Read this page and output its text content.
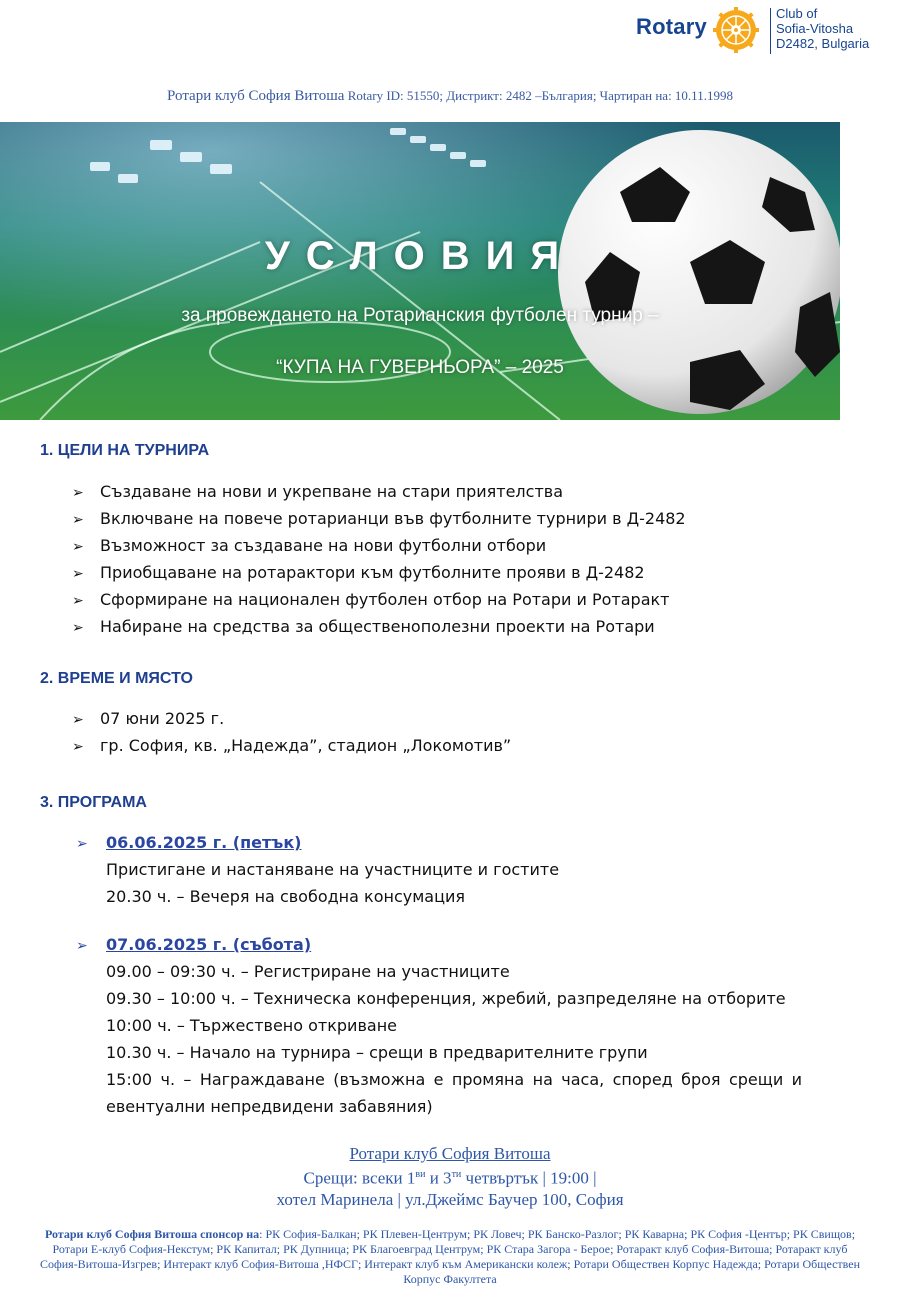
Rotary
Club of
Sofia-Vitosha
D2482, Bulgaria
Ротари клуб София Витоша Rotary ID: 51550; Дистрикт: 2482 –България; Чартиран на: 10.11.1998
УСЛОВИЯ
за провеждането на Ротарианския футболен турнир –
“КУПА НА ГУВЕРНЬОРА” – 2025
1. ЦЕЛИ НА ТУРНИРА
➢ Създаване на нови и укрепване на стари приятелства
➢ Включване на повече ротарианци във футболните турнири в Д-2482
➢ Възможност за създаване на нови футболни отбори
➢ Приобщаване на ротарактори към футболните прояви в Д-2482
➢ Сформиране на национален футболен отбор на Ротари и Ротаракт
➢ Набиране на средства за общественополезни проекти на Ротари
2. ВРЕМЕ И МЯСТО
➢ 07 юни 2025 г.
➢ гр. София, кв. „Надежда”, стадион „Локомотив”
3. ПРОГРАМА
➢ 06.06.2025 г. (петък)
Пристигане и настаняване на участниците и гостите
20.30 ч. – Вечеря на свободна консумация
➢ 07.06.2025 г. (събота)
09.00 – 09:30 ч. – Регистриране на участниците
09.30 – 10:00 ч. – Техническа конференция, жребий, разпределяне на отборите
10:00 ч. – Тържествено откриване
10.30 ч. – Начало на турнира – срещи в предварителните групи
15:00 ч. – Награждаване (възможна е промяна на часа, според броя срещи и евентуални непредвидени забавяния)
Ротари клуб София Витоша
Срещи: всеки $1^{ви}$ и $3^{ти}$ четвъртък | 19:00 |
хотел Маринела | ул.Джеймс Баучер 100, София
Ротари клуб София Витоша спонсор на: РК София-Балкан; РК Плевен-Центрум; РК Ловеч; РК Банско-Разлог; РК Каварна; РК София -Център; РК Свищов; Ротари Е-клуб София-Некстум; РК Капитал; РК Дупница; РК Благоевград Центрум; РК Стара Загора - Берое; Ротаракт клуб София-Витоша; Ротаракт клуб София-Витоша-Изгрев; Интеракт клуб София-Витоша ,НФСГ; Интеракт клуб към Американски колеж; Ротари Обществен Корпус Надежда; Ротари Обществен Корпус Факултета
